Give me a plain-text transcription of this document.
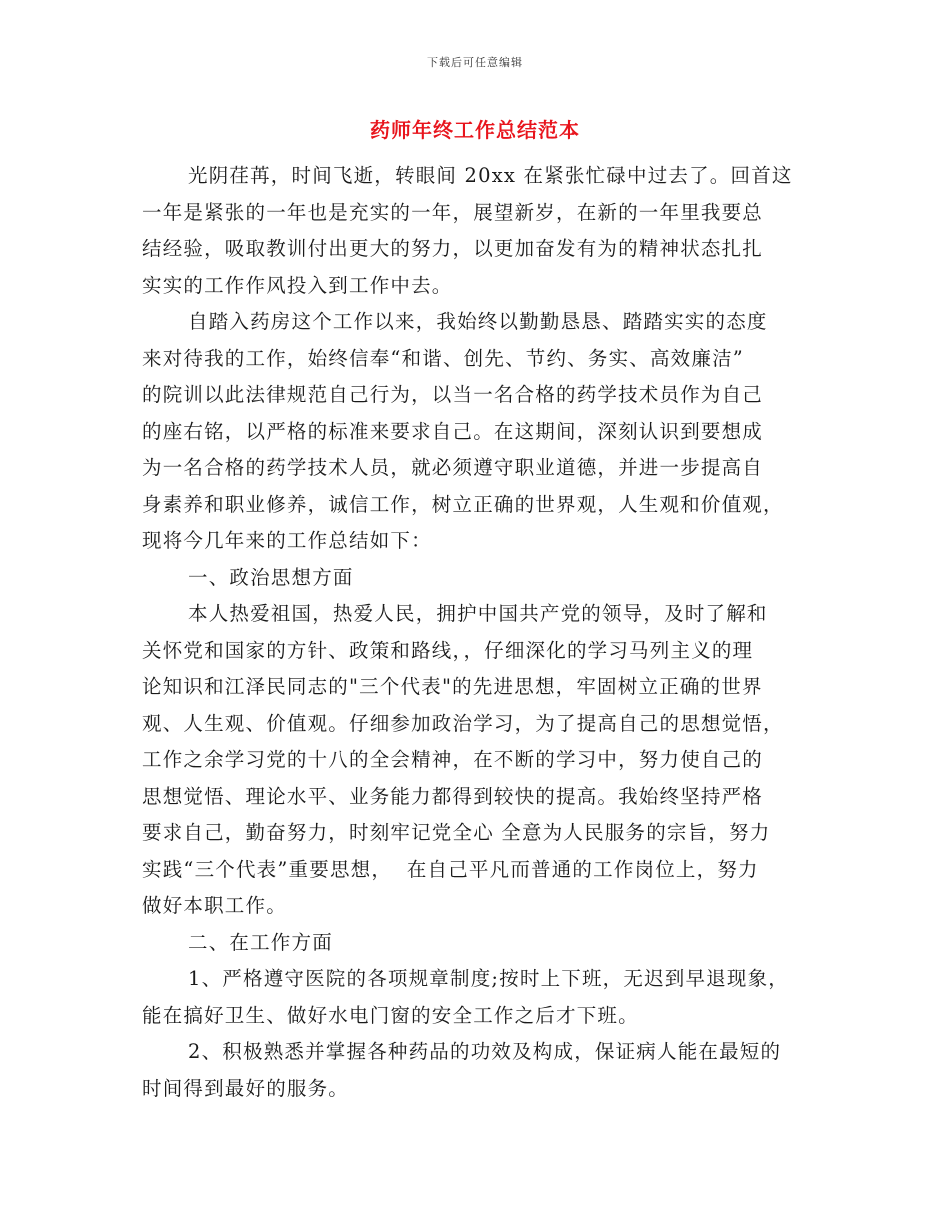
下载后可任意编辑
药师年终工作总结范本
光阴荏苒，时间飞逝，转眼间 20xx 在紧张忙碌中过去了。回首这
一年是紧张的一年也是充实的一年，展望新岁，在新的一年里我要总
结经验，吸取教训付出更大的努力，以更加奋发有为的精神状态扎扎
实实的工作作风投入到工作中去。
自踏入药房这个工作以来，我始终以勤勤恳恳、踏踏实实的态度
来对待我的工作，始终信奉“和谐、创先、节约、务实、高效廉洁”
的院训以此法律规范自己行为，以当一名合格的药学技术员作为自己
的座右铭，以严格的标准来要求自己。在这期间，深刻认识到要想成
为一名合格的药学技术人员，就必须遵守职业道德，并进一步提高自
身素养和职业修养，诚信工作，树立正确的世界观，人生观和价值观，
现将今几年来的工作总结如下：
一、政治思想方面
本人热爱祖国，热爱人民，拥护中国共产党的领导，及时了解和
关怀党和国家的方针、政策和路线，，仔细深化的学习马列主义的理
论知识和江泽民同志的"三个代表"的先进思想，牢固树立正确的世界
观、人生观、价值观。仔细参加政治学习，为了提高自己的思想觉悟，
工作之余学习党的十八的全会精神，在不断的学习中，努力使自己的
思想觉悟、理论水平、业务能力都得到较快的提高。我始终坚持严格
要求自己，勤奋努力，时刻牢记党全心 全意为人民服务的宗旨，努力
实践“三个代表”重要思想，  在自己平凡而普通的工作岗位上，努力
做好本职工作。
二、在工作方面
1、严格遵守医院的各项规章制度;按时上下班，无迟到早退现象，
能在搞好卫生、做好水电门窗的安全工作之后才下班。
2、积极熟悉并掌握各种药品的功效及构成，保证病人能在最短的
时间得到最好的服务。
